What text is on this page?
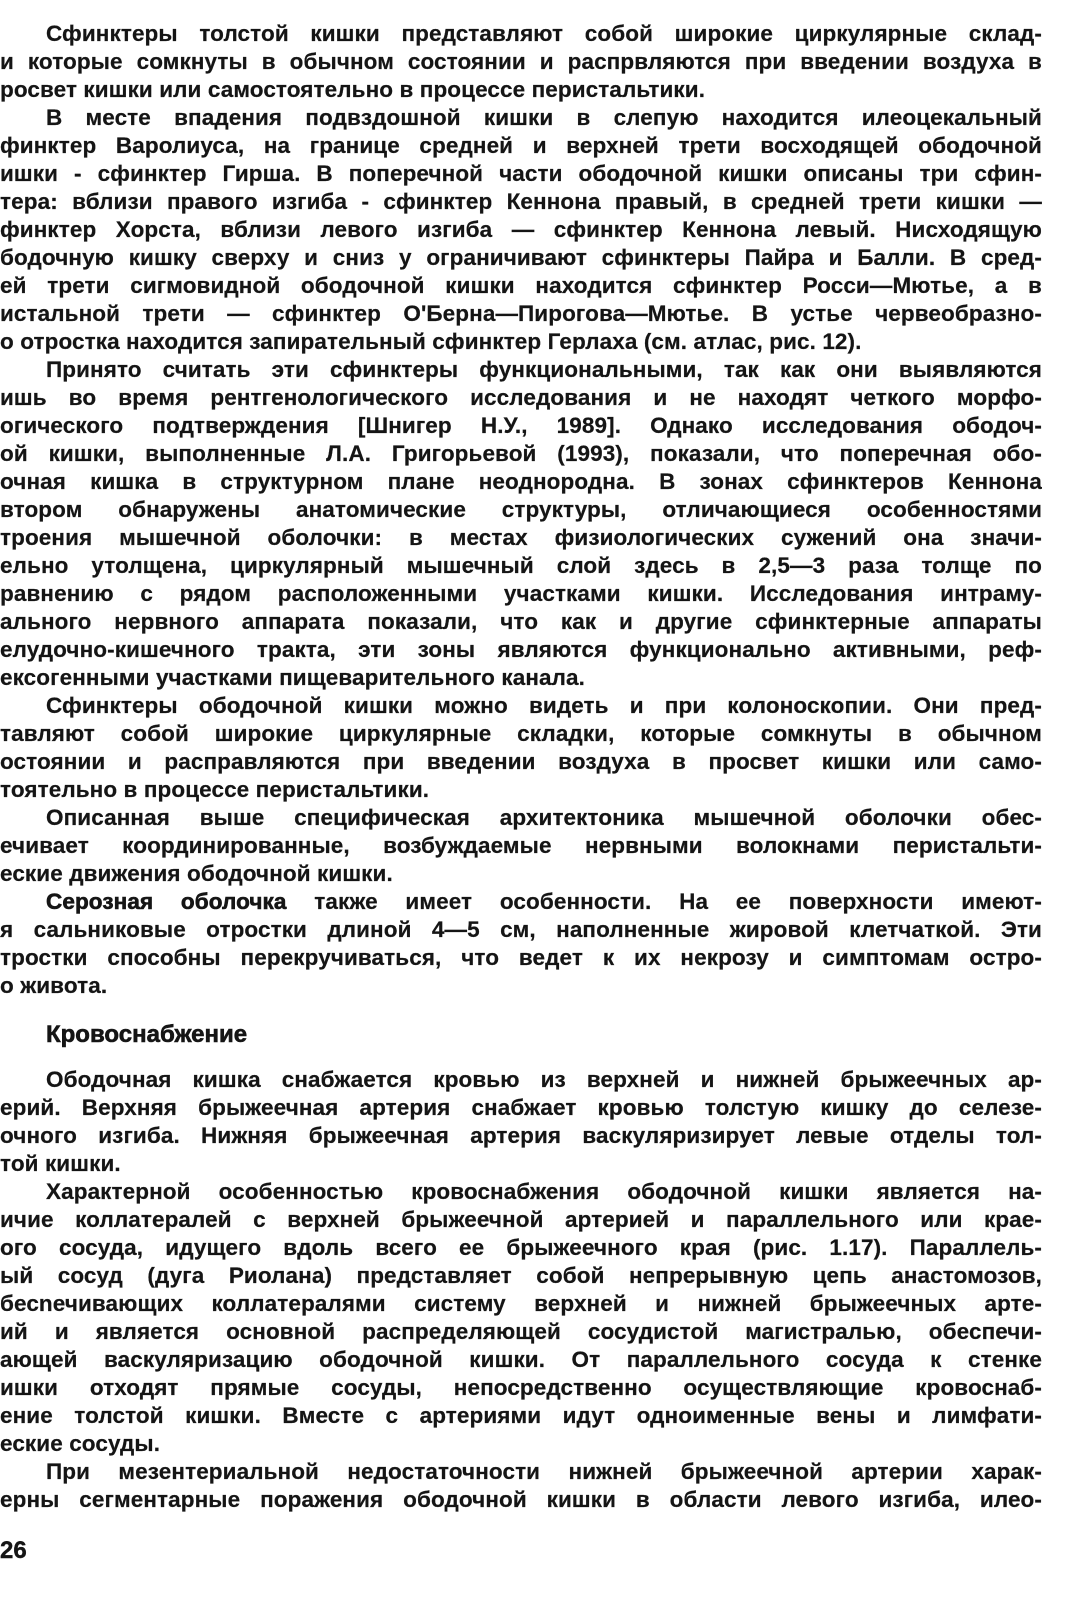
Сфинктеры толстой кишки представляют собой широкие циркулярные склад-
и которые сомкнуты в обычном состоянии и распрвляются при введении воздуха в
росвет кишки или самостоятельно в процессе перистальтики.
В месте впадения подвздошной кишки в слепую находится илеоцекальный
финктер Варолиуса, на границе средней и верхней трети восходящей ободочной
ишки - сфинктер Гирша. В поперечной части ободочной кишки описаны три сфин-
тера: вблизи правого изгиба - сфинктер Кеннона правый, в средней трети кишки —
финктер Хорста, вблизи левого изгиба — сфинктер Кеннона левый. Нисходящую
бодочную кишку сверху и сниз у ограничивают сфинктеры Пайра и Балли. В сред-
ей трети сигмовидной ободочной кишки находится сфинктер Росси—Мютье, а в
истальной трети — сфинктер О'Берна—Пирогова—Мютье. В устье червеобразно-
о отростка находится запирательный сфинктер Герлаха (см. атлас, рис. 12).
Принято считать эти сфинктеры функциональными, так как они выявляются
ишь во время рентгенологического исследования и не находят четкого морфо-
огического подтверждения [Шнигер Н.У., 1989]. Однако исследования ободоч-
ой кишки, выполненные Л.А. Григорьевой (1993), показали, что поперечная обо-
очная кишка в структурном плане неоднородна. В зонах сфинктеров Кеннона
втором обнаружены анатомические структуры, отличающиеся особенностями
троения мышечной оболочки: в местах физиологических сужений она значи-
ельно утолщена, циркулярный мышечный слой здесь в 2,5—3 раза толще по
равнению с рядом расположенными участками кишки. Исследования интраму-
ального нервного аппарата показали, что как и другие сфинктерные аппараты
елудочно-кишечного тракта, эти зоны являются функционально активными, реф-
ексогенными участками пищеварительного канала.
Сфинктеры ободочной кишки можно видеть и при колоноскопии. Они пред-
тавляют собой широкие циркулярные складки, которые сомкнуты в обычном
остоянии и расправляются при введении воздуха в просвет кишки или само-
тоятельно в процессе перистальтики.
Описанная выше специфическая архитектоника мышечной оболочки обес-
ечивает координированные, возбуждаемые нервными волокнами перистальти-
еские движения ободочной кишки.
Серозная оболочка также имеет особенности. На ее поверхности имеют-
я сальниковые отростки длиной 4—5 см, наполненные жировой клетчаткой. Эти
тростки способны перекручиваться, что ведет к их некрозу и симптомам остро-
о живота.
Кровоснабжение
Ободочная кишка снабжается кровью из верхней и нижней брыжеечных ар-
ерий. Верхняя брыжеечная артерия снабжает кровью толстую кишку до селезе-
очного изгиба. Нижняя брыжеечная артерия васкуляризирует левые отделы тол-
той кишки.
Характерной особенностью кровоснабжения ободочной кишки является на-
ичие коллатералей с верхней брыжеечной артерией и параллельного или крае-
ого сосуда, идущего вдоль всего ее брыжеечного края (рис. 1.17). Параллель-
ый сосуд (дуга Риолана) представляет собой непрерывную цепь анастомозов,
бесnечивающих коллатералями систему верхней и нижней брыжеечных арте-
ий и является основной распределяющей сосудистой магистралью, обеспечи-
ающей васкуляризацию ободочной кишки. От параллельного сосуда к стенке
ишки отходят прямые сосуды, непосредственно осуществляющие кровоснаб-
ение толстой кишки. Вместе с артериями идут одноименные вены и лимфати-
еские сосуды.
При мезентериальной недостаточности нижней брыжеечной артерии харак-
ерны сегментарные поражения ободочной кишки в области левого изгиба, илео-
26
